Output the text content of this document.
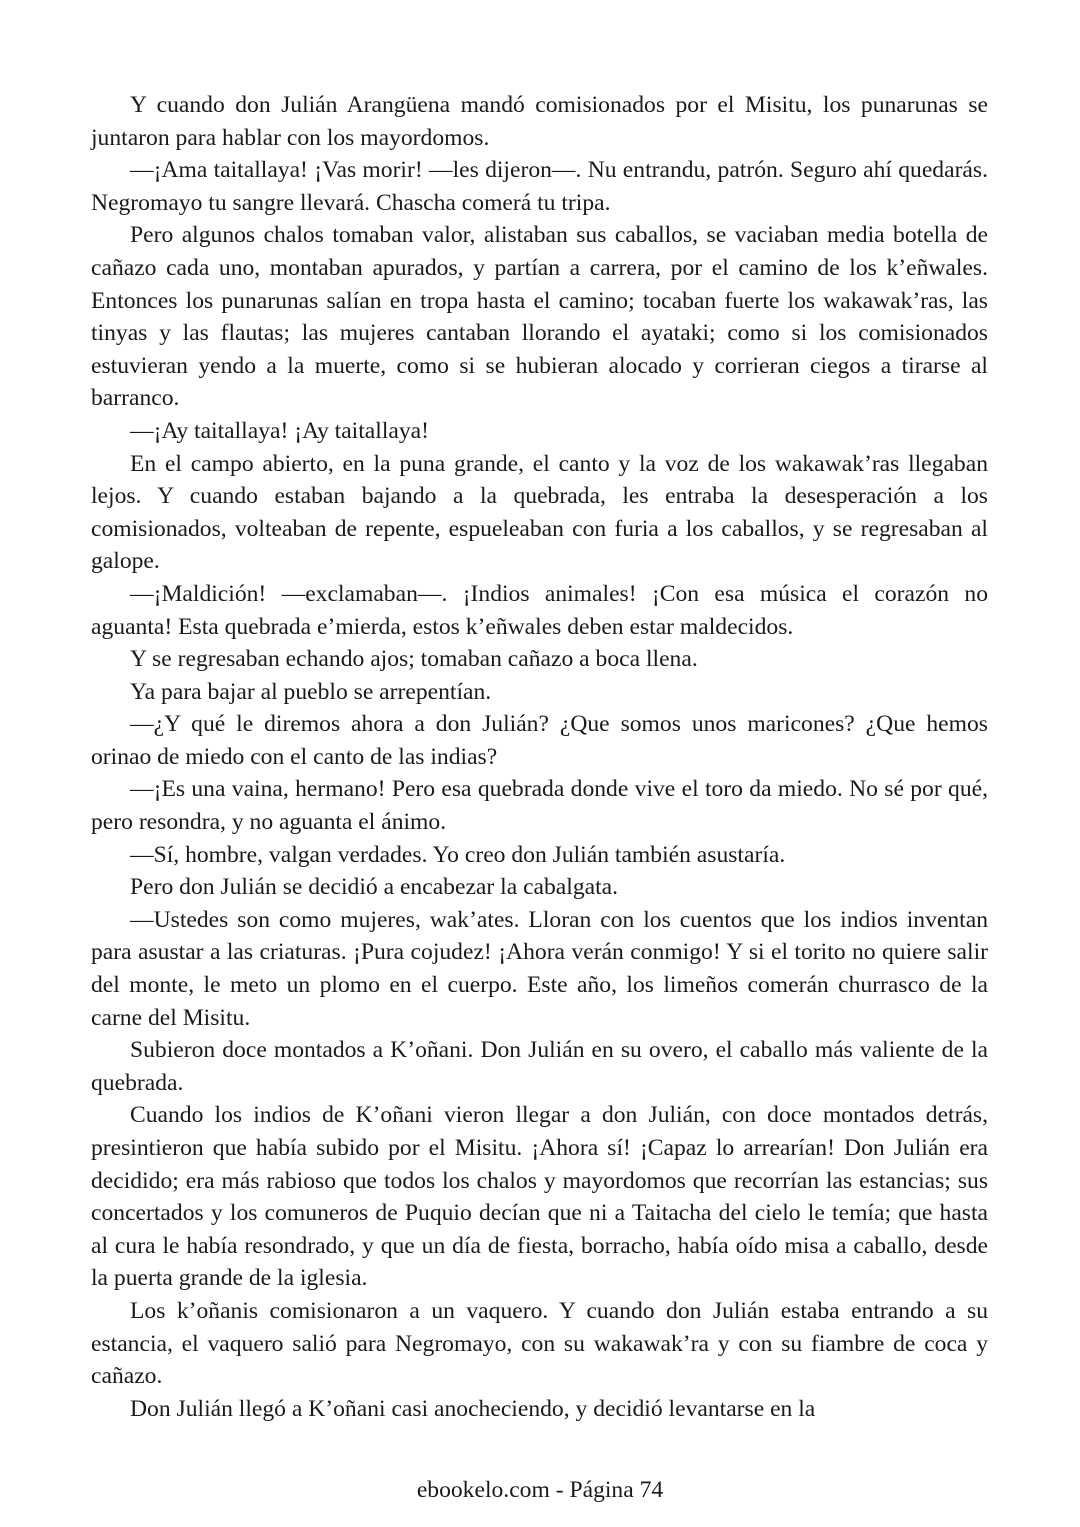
Y cuando don Julián Arangüena mandó comisionados por el Misitu, los punarunas se juntaron para hablar con los mayordomos.

—¡Ama taitallaya! ¡Vas morir! —les dijeron—. Nu entrandu, patrón. Seguro ahí quedarás. Negromayo tu sangre llevará. Chascha comerá tu tripa.

Pero algunos chalos tomaban valor, alistaban sus caballos, se vaciaban media botella de cañazo cada uno, montaban apurados, y partían a carrera, por el camino de los k’eñwales. Entonces los punarunas salían en tropa hasta el camino; tocaban fuerte los wakawak’ras, las tinyas y las flautas; las mujeres cantaban llorando el ayataki; como si los comisionados estuvieran yendo a la muerte, como si se hubieran alocado y corrieran ciegos a tirarse al barranco.

—¡Ay taitallaya! ¡Ay taitallaya!

En el campo abierto, en la puna grande, el canto y la voz de los wakawak’ras llegaban lejos. Y cuando estaban bajando a la quebrada, les entraba la desesperación a los comisionados, volteaban de repente, espueleaban con furia a los caballos, y se regresaban al galope.

—¡Maldición! —exclamaban—. ¡Indios animales! ¡Con esa música el corazón no aguanta! Esta quebrada e’mierda, estos k’eñwales deben estar maldecidos.

Y se regresaban echando ajos; tomaban cañazo a boca llena.

Ya para bajar al pueblo se arrepentían.

—¿Y qué le diremos ahora a don Julián? ¿Que somos unos maricones? ¿Que hemos orinao de miedo con el canto de las indias?

—¡Es una vaina, hermano! Pero esa quebrada donde vive el toro da miedo. No sé por qué, pero resondra, y no aguanta el ánimo.

—Sí, hombre, valgan verdades. Yo creo don Julián también asustaría.

Pero don Julián se decidió a encabezar la cabalgata.

—Ustedes son como mujeres, wak’ates. Lloran con los cuentos que los indios inventan para asustar a las criaturas. ¡Pura cojudez! ¡Ahora verán conmigo! Y si el torito no quiere salir del monte, le meto un plomo en el cuerpo. Este año, los limeños comerán churrasco de la carne del Misitu.

Subieron doce montados a K’oñani. Don Julián en su overo, el caballo más valiente de la quebrada.

Cuando los indios de K’oñani vieron llegar a don Julián, con doce montados detrás, presintieron que había subido por el Misitu. ¡Ahora sí! ¡Capaz lo arrearían! Don Julián era decidido; era más rabioso que todos los chalos y mayordomos que recorrían las estancias; sus concertados y los comuneros de Puquio decían que ni a Taitacha del cielo le temía; que hasta al cura le había resondrado, y que un día de fiesta, borracho, había oído misa a caballo, desde la puerta grande de la iglesia.

Los k’oñanis comisionaron a un vaquero. Y cuando don Julián estaba entrando a su estancia, el vaquero salió para Negromayo, con su wakawak’ra y con su fiambre de coca y cañazo.

Don Julián llegó a K’oñani casi anocheciendo, y decidió levantarse en la

ebookelo.com - Página 74
